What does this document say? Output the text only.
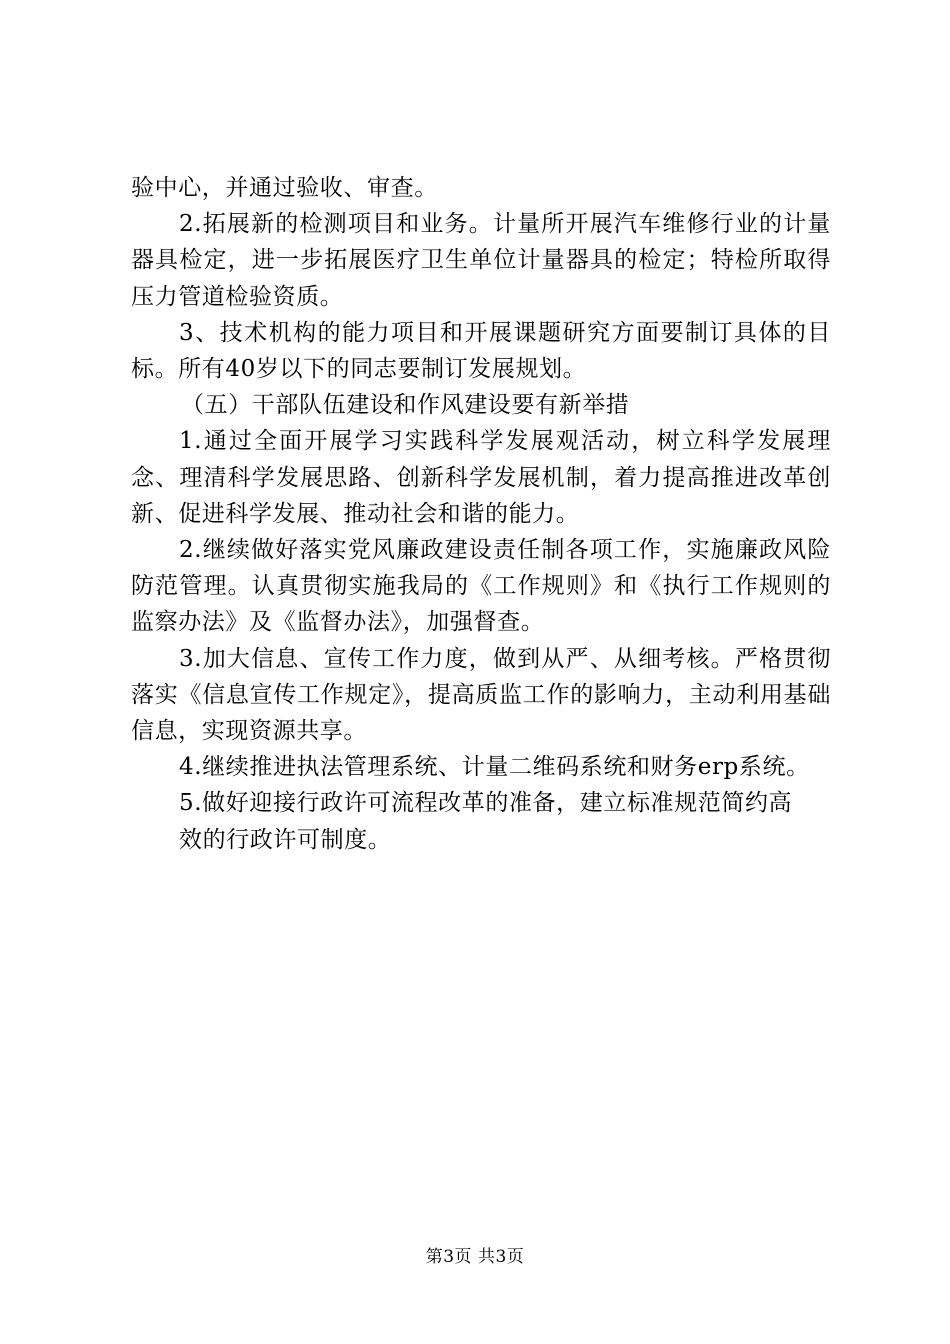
验中心，并通过验收、审查。

2.拓展新的检测项目和业务。计量所开展汽车维修行业的计量器具检定，进一步拓展医疗卫生单位计量器具的检定；特检所取得压力管道检验资质。

3、技术机构的能力项目和开展课题研究方面要制订具体的目标。所有40岁以下的同志要制订发展规划。

（五）干部队伍建设和作风建设要有新举措

1.通过全面开展学习实践科学发展观活动，树立科学发展理念、理清科学发展思路、创新科学发展机制，着力提高推进改革创新、促进科学发展、推动社会和谐的能力。

2.继续做好落实党风廉政建设责任制各项工作，实施廉政风险防范管理。认真贯彻实施我局的《工作规则》和《执行工作规则的监察办法》及《监督办法》，加强督查。

3.加大信息、宣传工作力度，做到从严、从细考核。严格贯彻落实《信息宣传工作规定》，提高质监工作的影响力，主动利用基础信息，实现资源共享。

4.继续推进执法管理系统、计量二维码系统和财务erp系统。

5.做好迎接行政许可流程改革的准备，建立标准规范简约高

效的行政许可制度。

第3页 共3页
